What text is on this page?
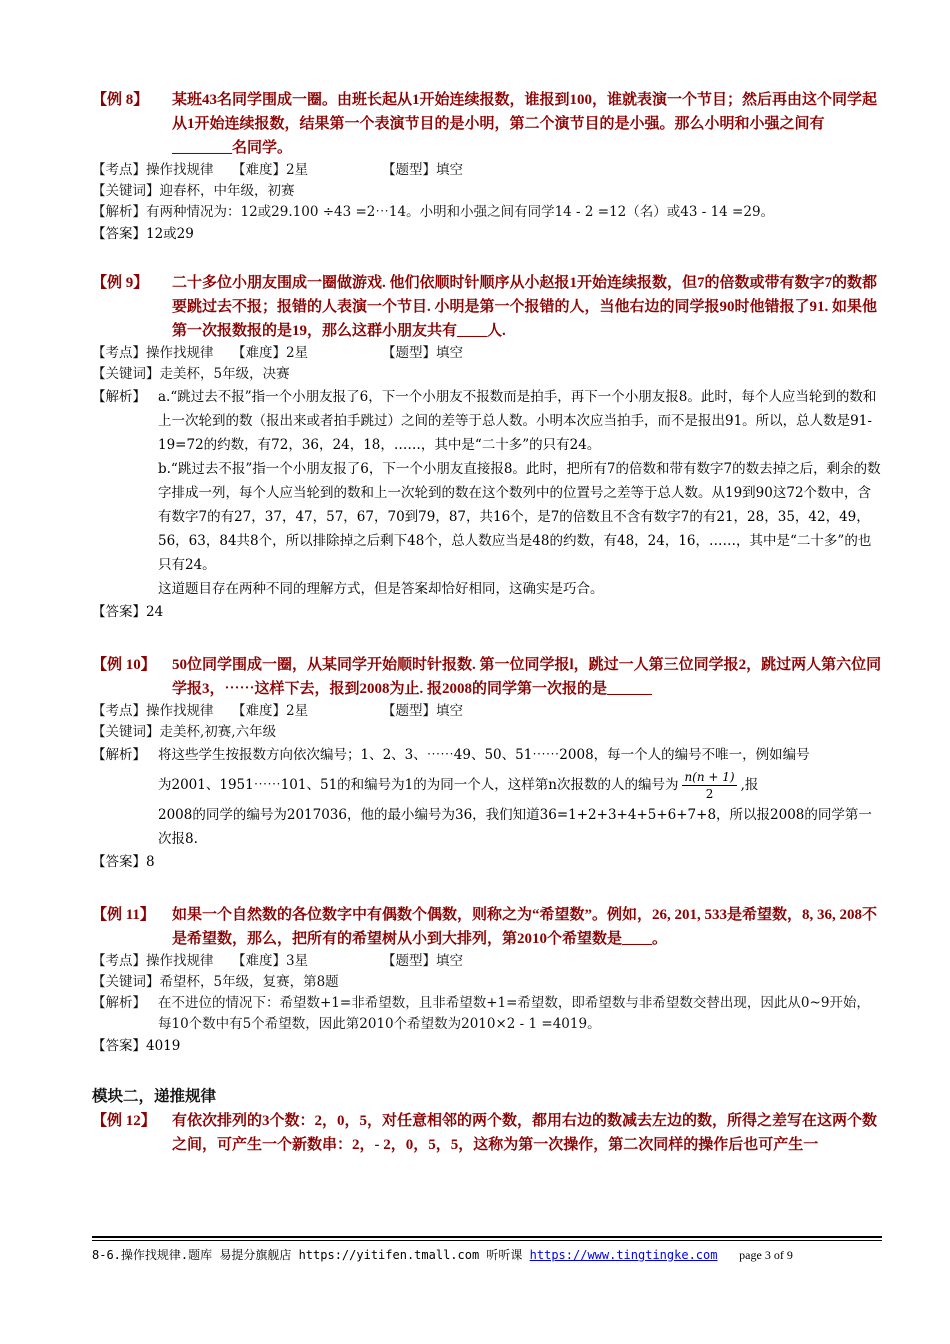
【例 8】 某班43名同学围成一圈。由班长起从1开始连续报数，谁报到100，谁就表演一个节目；然后再由这个同学起从1开始连续报数，结果第一个表演节目的是小明，第二个演节目的是小强。那么小明和小强之间有________名同学。
【考点】操作找规律 【难度】2星	【题型】填空
【关键词】迎春杯，中年级，初赛
【解析】有两种情况为：12或29.100 ÷43 =2⋯14。小明和小强之间有同学14 - 2 =12（名）或43 - 14 =29。
【答案】12或29
【例 9】 二十多位小朋友围成一圈做游戏. 他们依顺时针顺序从小赵报1开始连续报数，但7的倍数或带有数字7的数都要跳过去不报；报错的人表演一个节目. 小明是第一个报错的人，当他右边的同学报90时他错报了91. 如果他第一次报数报的是19，那么这群小朋友共有____人.
【考点】操作找规律 【难度】2星	【题型】填空
【关键词】走美杯，5年级，决赛
【解析】 a.“跳过去不报”指一个小朋友报了6，下一个小朋友不报数而是拍手，再下一个小朋友报8。此时，每个人应当轮到的数和上一次轮到的数（报出来或者拍手跳过）之间的差等于总人数。小明本次应当拍手，而不是报出91。所以，总人数是91-19=72的约数，有72，36，24，18，……，其中是“二十多”的只有24。
b.“跳过去不报”指一个小朋友报了6，下一个小朋友直接报8。此时，把所有7的倍数和带有数字7的数去掉之后，剩余的数字排成一列，每个人应当轮到的数和上一次轮到的数在这个数列中的位置号之差等于总人数。从19到90这72个数中，含有数字7的有27，37，47，57，67，70到79，87，共16个，是7的倍数且不含有数字7的有21，28，35，42，49，56，63，84共8个，所以排除掉之后剩下48个，总人数应当是48的约数，有48，24，16，……，其中是“二十多”的也只有24。
这道题目存在两种不同的理解方式，但是答案却恰好相同，这确实是巧合。
【答案】24
【例 10】 50位同学围成一圈，从某同学开始顺时针报数. 第一位同学报l，跳过一人第三位同学报2，跳过两人第六位同学报3，⋯⋯这样下去，报到2008为止. 报2008的同学第一次报的是______
【考点】操作找规律 【难度】2星	【题型】填空
【关键词】走美杯,初赛,六年级
【解析】 将这些学生按报数方向依次编号；1、2、3、⋯⋯49、50、51⋯⋯2008，每一个人的编号不唯一，例如编号
为2001、1951⋯⋯101、51的和编号为1的为同一个人，这样第n次报数的人的编号为 $\frac{n(n + 1)}{2}$ ,报
2008的同学的编号为2017036，他的最小编号为36，我们知道36=1+2+3+4+5+6+7+8，所以报2008的同学第一次报8.
【答案】8
【例 11】 如果一个自然数的各位数字中有偶数个偶数，则称之为“希望数”。例如，26, 201, 533是希望数，8, 36, 208不是希望数，那么，把所有的希望树从小到大排列，第2010个希望数是____。
【考点】操作找规律 【难度】3星	【题型】填空
【关键词】希望杯，5年级，复赛，第8题
【解析】 在不进位的情况下：希望数+1=非希望数，且非希望数+1=希望数，即希望数与非希望数交替出现，因此从0~9开始，每10个数中有5个希望数，因此第2010个希望数为2010×2 - 1 =4019。
【答案】4019
模块二，递推规律
【例 12】 有依次排列的3个数：2，0，5，对任意相邻的两个数，都用右边的数减去左边的数，所得之差写在这两个数之间，可产生一个新数串：2，- 2，0，5，5，这称为第一次操作，第二次同样的操作后也可产生一
8-6.操作找规律.题库 易提分旗舰店 https://yitifen.tmall.com 听听课 https://www.tingtingke.com page 3 of 9
